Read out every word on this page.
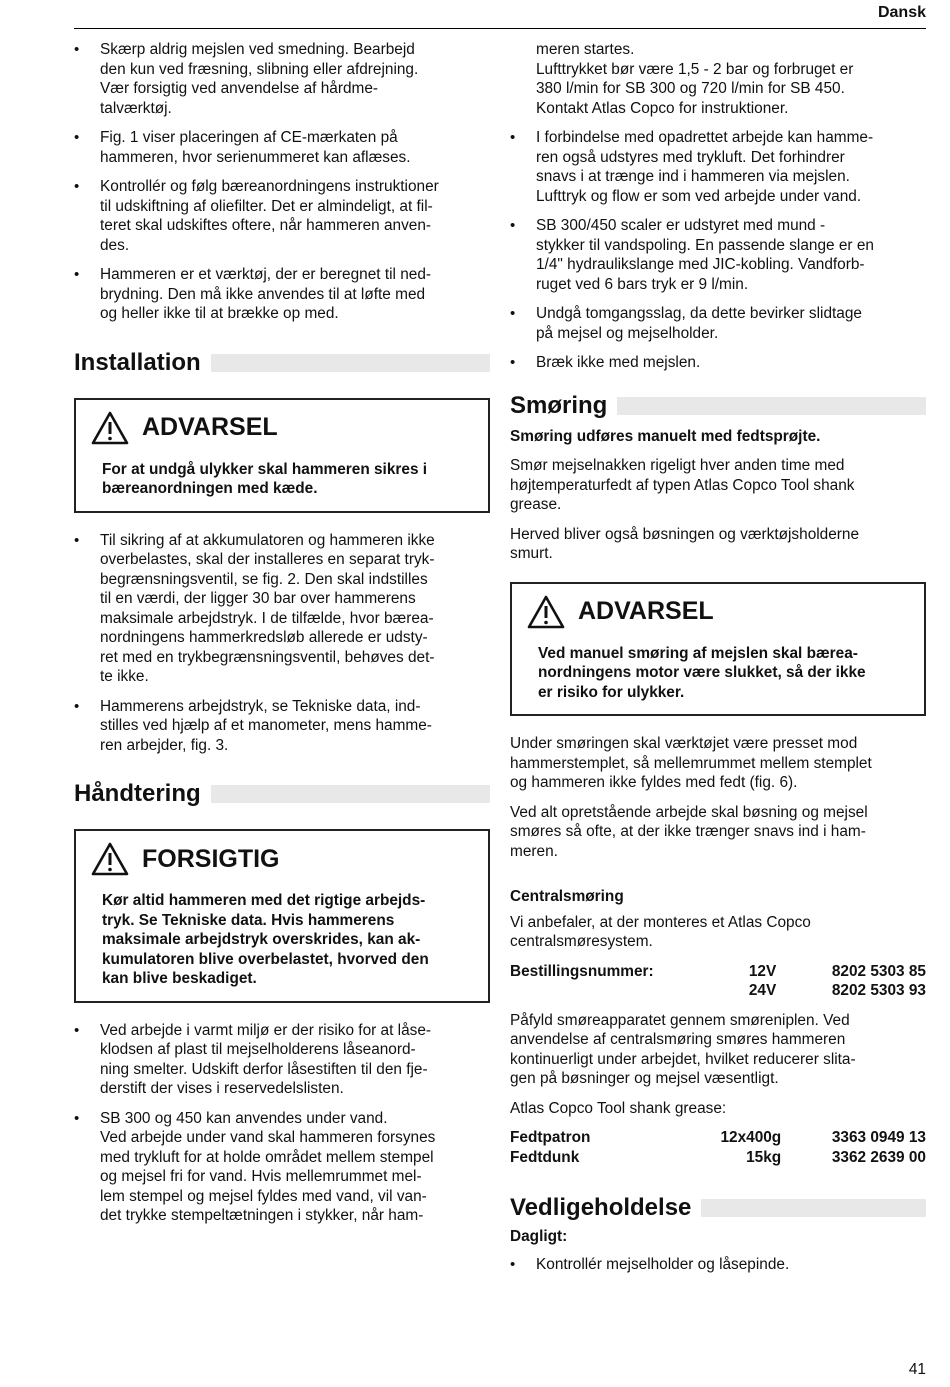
Dansk
• Skærp aldrig mejslen ved smedning. Bearbejd
den kun ved fræsning, slibning eller afdrejning.
Vær forsigtig ved anvendelse af hårdme-
talværktøj.
• Fig. 1 viser placeringen af CE-mærkaten på
hammeren, hvor serienummeret kan aflæses.
• Kontrollér og følg bæreanordningens instruktioner
til udskiftning af oliefilter. Det er almindeligt, at fil-
teret skal udskiftes oftere, når hammeren anven-
des.
• Hammeren er et værktøj, der er beregnet til ned-
brydning. Den må ikke anvendes til at løfte med
og heller ikke til at brække op med.
Installation
ADVARSEL
For at undgå ulykker skal hammeren sikres i
bæreanordningen med kæde.
• Til sikring af at akkumulatoren og hammeren ikke
overbelastes, skal der installeres en separat tryk-
begrænsningsventil, se fig. 2. Den skal indstilles
til en værdi, der ligger 30 bar over hammerens
maksimale arbejdstryk. I de tilfælde, hvor bærea-
nordningens hammerkredsløb allerede er udsty-
ret med en trykbegrænsningsventil, behøves det-
te ikke.
• Hammerens arbejdstryk, se Tekniske data, ind-
stilles ved hjælp af et manometer, mens hamme-
ren arbejder, fig. 3.
Håndtering
FORSIGTIG
Kør altid hammeren med det rigtige arbejds-
tryk. Se Tekniske data. Hvis hammerens
maksimale arbejdstryk overskrides, kan ak-
kumulatoren blive overbelastet, hvorved den
kan blive beskadiget.
• Ved arbejde i varmt miljø er der risiko for at låse-
klodsen af plast til mejselholderens låseanord-
ning smelter. Udskift derfor låsestiften til den fje-
derstift der vises i reservedelslisten.
• SB 300 og 450 kan anvendes under vand.
Ved arbejde under vand skal hammeren forsynes
med trykluft for at holde området mellem stempel
og mejsel fri for vand. Hvis mellemrummet mel-
lem stempel og mejsel fyldes med vand, vil van-
det trykke stempeltætningen i stykker, når ham-
meren startes.
Lufttrykket bør være 1,5 - 2 bar og forbruget er
380 l/min for SB 300 og 720 l/min for SB 450.
Kontakt Atlas Copco for instruktioner.
• I forbindelse med opadrettet arbejde kan hamme-
ren også udstyres med trykluft. Det forhindrer
snavs i at trænge ind i hammeren via mejslen.
Lufttryk og flow er som ved arbejde under vand.
• SB 300/450 scaler er udstyret med mund -
stykker til vandspoling. En passende slange er en
1/4" hydraulikslange med JIC-kobling. Vandforb-
ruget ved 6 bars tryk er 9 l/min.
• Undgå tomgangsslag, da dette bevirker slidtage
på mejsel og mejselholder.
• Bræk ikke med mejslen.
Smøring

Smøring udføres manuelt med fedtsprøjte.

Smør mejselnakken rigeligt hver anden time med
højtemperaturfedt af typen Atlas Copco Tool shank
grease.

Herved bliver også bøsningen og værktøjsholderne
smurt.

ADVARSEL
Ved manuel smøring af mejslen skal bærea-
nordningens motor være slukket, så der ikke
er risiko for ulykker.

Under smøringen skal værktøjet være presset mod
hammerstemplet, så mellemrummet mellem stemplet
og hammeren ikke fyldes med fedt (fig. 6).

Ved alt opretstående arbejde skal bøsning og mejsel
smøres så ofte, at der ikke trænger snavs ind i ham-
meren.

Centralsmøring

Vi anbefaler, at der monteres et Atlas Copco
centralsmøresystem.

Bestillingsnummer:	12V	8202 5303 85
	24V	8202 5303 93

Påfyld smøreapparatet gennem smøreniplen. Ved
anvendelse af centralsmøring smøres hammeren
kontinuerligt under arbejdet, hvilket reducerer slita-
gen på bøsninger og mejsel væsentligt.

Atlas Copco Tool shank grease:

Fedtpatron	12x400g	3363 0949 13
Fedtdunk	15kg	3362 2639 00
Vedligeholdelse
Dagligt:
• Kontrollér mejselholder og låsepinde.
41
